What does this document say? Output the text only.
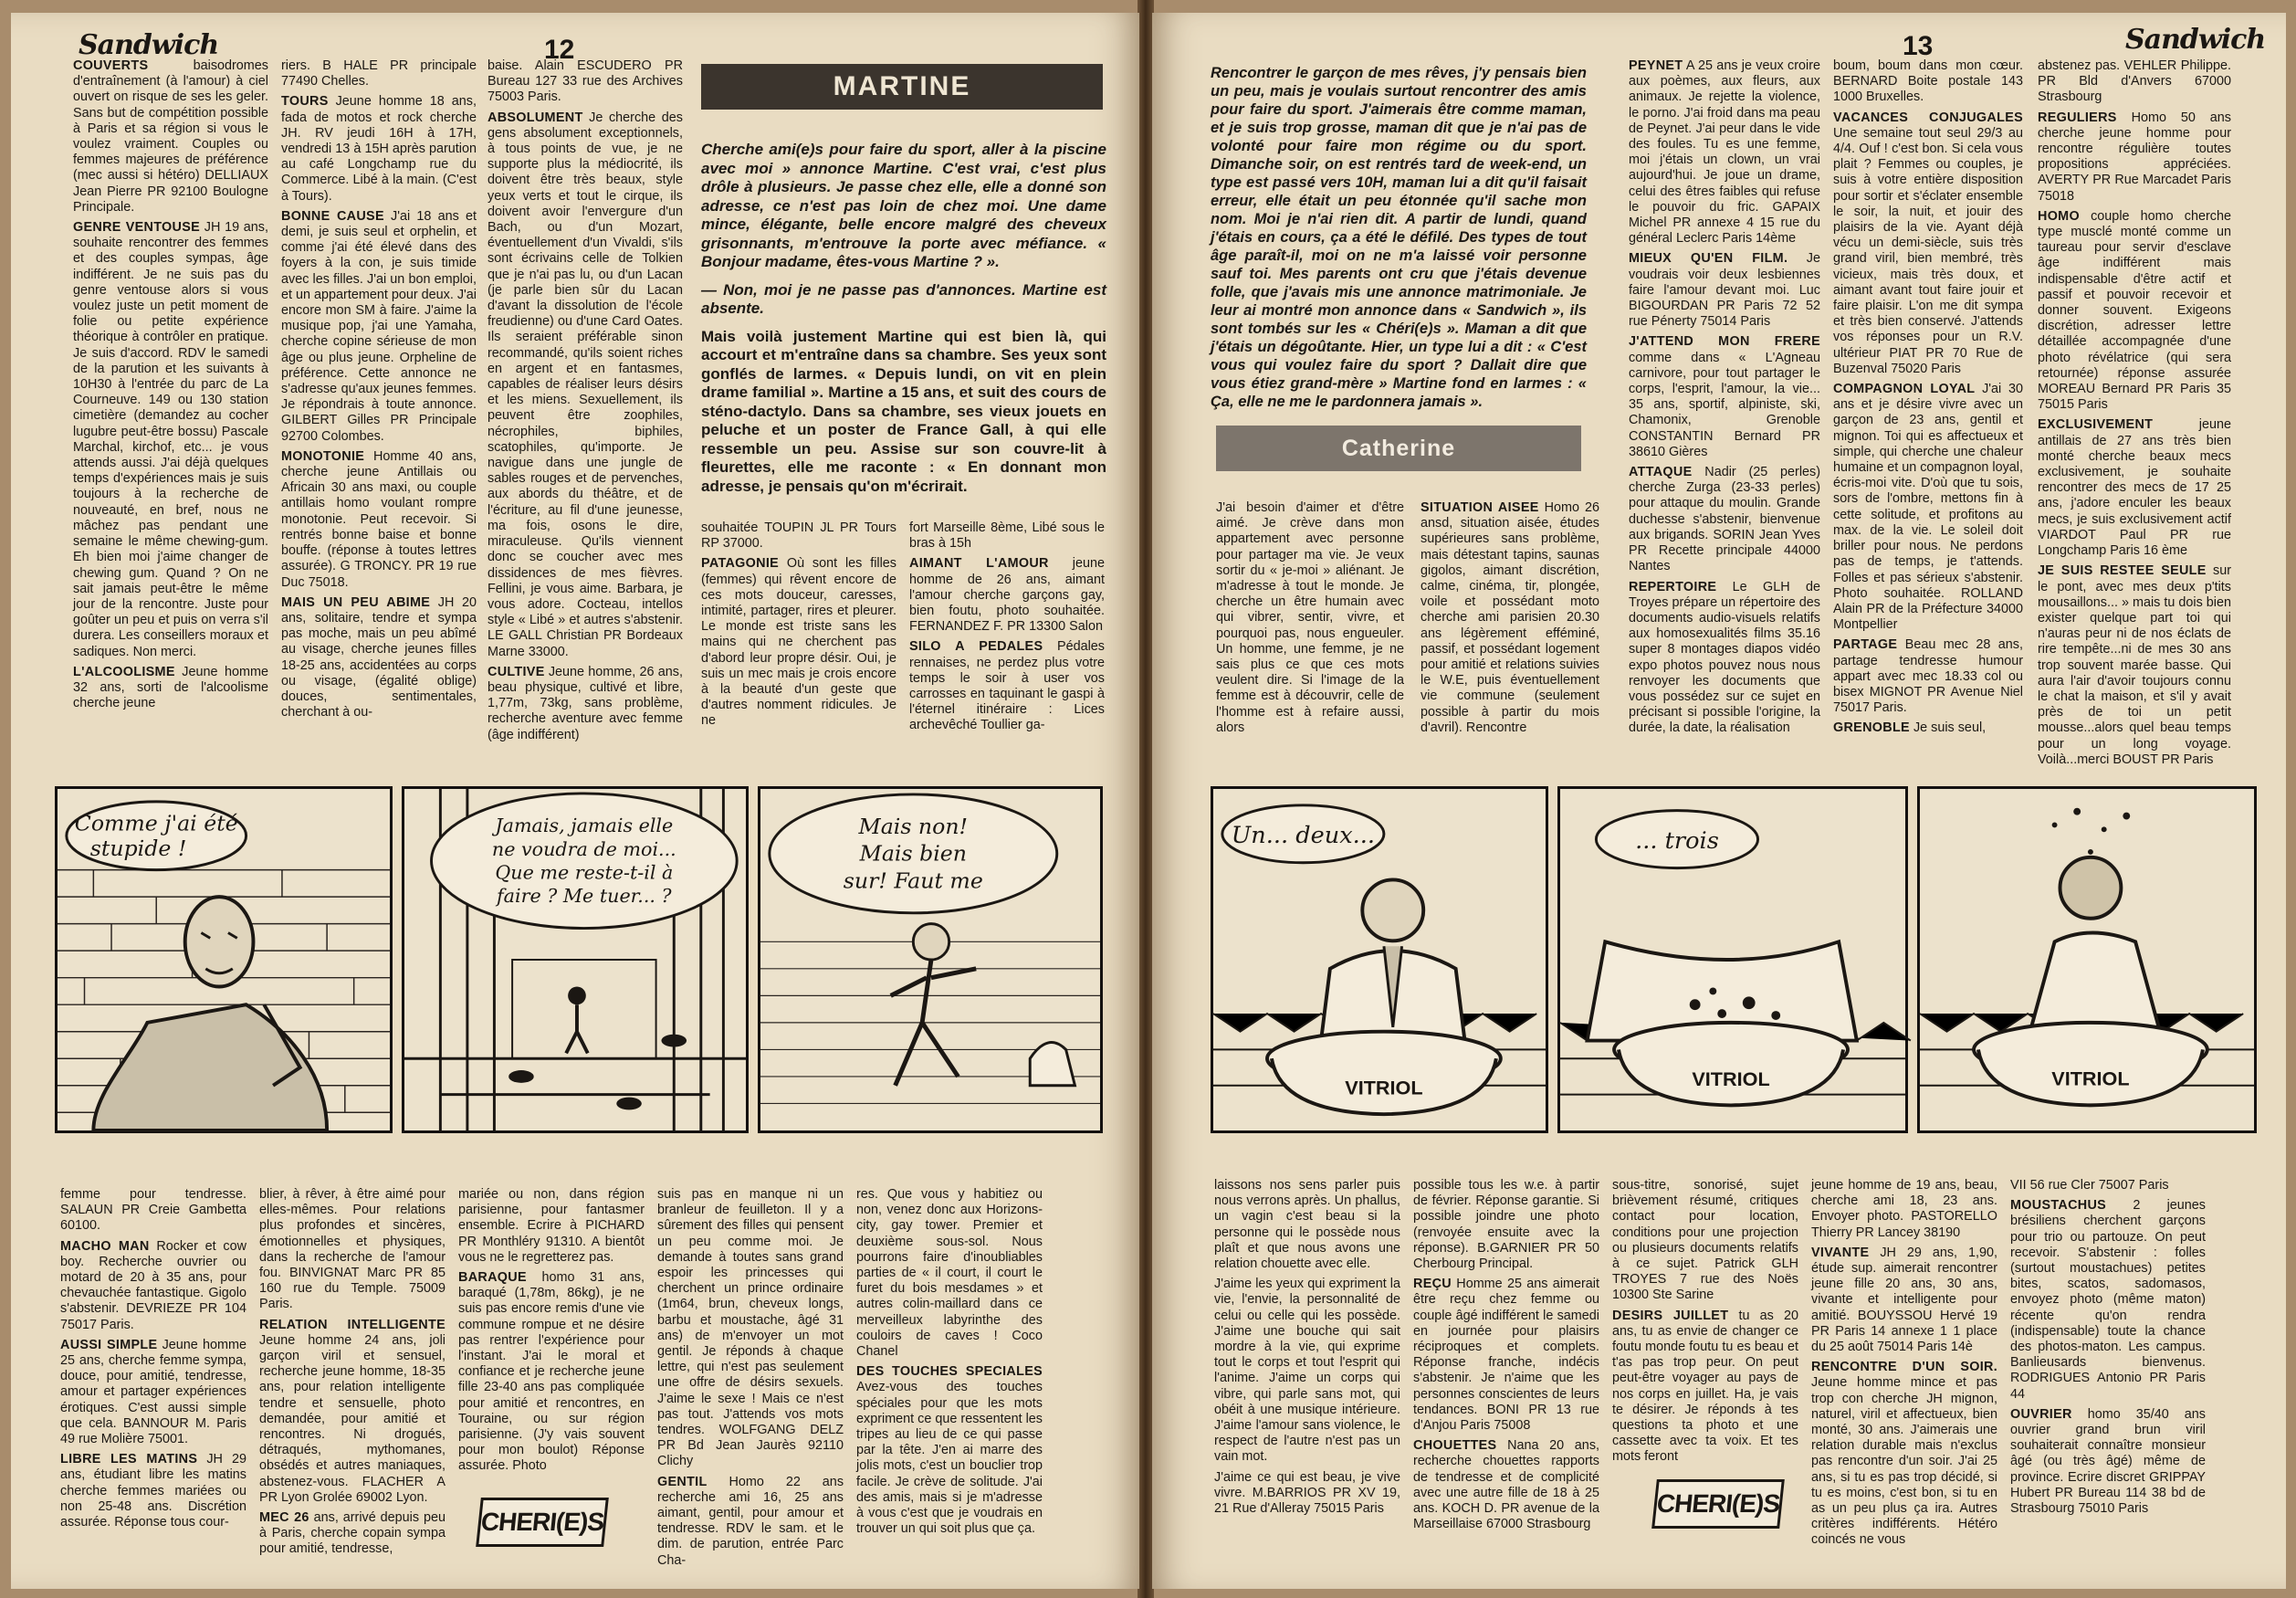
Sandwich	12

COUVERTS	baisodromes d'entraînement (à l'amour) à ciel ouvert on risque de ses les geler. Sans but de compétition possible à Paris et sa région si vous le voulez vraiment. Couples ou femmes majeures de préférence (mec aussi si hétéro) DELLIAUX Jean Pierre PR 92100 Boulogne Principale.

GENRE VENTOUSE JH 19 ans, souhaite rencontrer des femmes et des couples sympas, âge indifférent. Je ne suis pas du genre ventouse alors si vous voulez juste un petit moment de folie ou petite expérience théorique à contrôler en pratique. Je suis d'accord. RDV le samedi de la parution et les suivants à 10H30 à l'entrée du parc de La Courneuve. 149 ou 130 station cimetière (demandez au cocher lugubre peut-être bossu) Pascale Marchal, kirchof, etc... je vous attends aussi. J'ai déjà quelques temps d'expériences mais je suis toujours à la recherche de nouveauté, en bref, nous ne mâchez pas pendant une semaine le même chewing-gum. Eh bien moi j'aime changer de chewing gum. Quand ? On ne sait jamais peut-être le même jour de la rencontre. Juste pour goûter un peu et puis on verra s'il durera. Les conseillers moraux et sadiques. Non merci.

L'ALCOOLISME Jeune homme 32 ans, sorti de l'alcoolisme cherche jeune

riers. B HALE PR principale 77490 Chelles.

TOURS Jeune homme 18 ans, fada de motos et rock cherche JH. RV jeudi 16H à 17H, vendredi 13 à 15H après parution au café Longchamp rue du Commerce. Libé à la main. (C'est à Tours).

BONNE CAUSE J'ai 18 ans et demi, je suis seul et orphelin, et comme j'ai été élevé dans des foyers à la con, je suis timide avec les filles. J'ai un bon emploi, et un appartement pour deux. J'ai encore mon SM à faire. J'aime la musique pop, j'ai une Yamaha, cherche copine sérieuse de mon âge ou plus jeune. Orpheline de préférence. Cette annonce ne s'adresse qu'aux jeunes femmes. Je répondrais à toute annonce. GILBERT Gilles PR Principale 92700 Colombes.

MONOTONIE Homme 40 ans, cherche jeune Antillais ou Africain 30 ans maxi, ou couple antillais homo voulant rompre monotonie. Peut recevoir. Si rentrés bonne baise et bonne bouffe. (réponse à toutes lettres assurée). G TRONCY. PR 19 rue Duc 75018.

MAIS UN PEU ABIME JH 20 ans, solitaire, tendre et sympa pas moche, mais un peu abîmé au visage, cherche jeunes filles 18-25 ans, accidentées au corps ou visage, (égalité oblige) douces, sentimentales, cherchant à ou-

baise. Alain ESCUDERO PR Bureau 127 33 rue des Archives 75003 Paris.

ABSOLUMENT Je cherche des gens absolument exceptionnels, à tous points de vue, je ne supporte plus la médiocrité, ils doivent être très beaux, style yeux verts et tout le cirque, ils doivent avoir l'envergure d'un Bach, ou d'un Mozart, éventuellement d'un Vivaldi, s'ils sont écrivains celle de Tolkien que je n'ai pas lu, ou d'un Lacan (je parle bien sûr du Lacan d'avant la dissolution de l'école freudienne) ou d'une Card Oates. Ils seraient préférable sinon recommandé, qu'ils soient riches en argent et en fantasmes, capables de réaliser leurs désirs et les miens. Sexuellement, ils peuvent être zoophiles, nécrophiles, biphiles, scatophiles, qu'importe. Je navigue dans une jungle de sables rouges et de pervenches, aux abords du théâtre, et de l'écriture, au fil d'une jeunesse, ma fois, osons le dire, miraculeuse. Qu'ils viennent donc se coucher avec mes dissidences de mes fièvres. Fellini, je vous aime. Barbara, je vous adore. Cocteau, intellos style « Libé » et autres s'abstenir. LE GALL Christian PR Bordeaux Marne 33000.

CULTIVE Jeune homme, 26 ans, beau physique, cultivé et libre, 1,77m, 73kg, sans problème, recherche aventure avec femme (âge indifférent)

MARTINE

Cherche ami(e)s pour faire du sport, aller à la piscine avec moi » annonce Martine. C'est vrai, c'est plus drôle à plusieurs. Je passe chez elle, elle a donné son adresse, ce n'est pas loin de chez moi. Une dame mince, élégante, belle encore malgré des cheveux grisonnants, m'entrouve la porte avec méfiance. « Bonjour madame, êtes-vous Martine ? ».

— Non, moi je ne passe pas d'annonces. Martine est absente.

Mais voilà justement Martine qui est bien là, qui accourt et m'entraîne dans sa chambre. Ses yeux sont gonflés de larmes. « Depuis lundi, on vit en plein drame familial ». Martine a 15 ans, et suit des cours de sténo-dactylo. Dans sa chambre, ses vieux jouets en peluche et un poster de France Gall, à qui elle ressemble un peu. Assise sur son couvre-lit à fleurettes, elle me raconte : « En donnant mon adresse, je pensais qu'on m'écrirait.

souhaitée TOUPIN JL PR Tours RP 37000.

PATAGONIE Où sont les filles (femmes) qui rêvent encore de ces mots douceur, caresses, intimité, partager, rires et pleurer. Le monde est triste sans les mains qui ne cherchent pas d'abord leur propre désir. Oui, je suis un mec mais je crois encore à la beauté d'un geste que d'autres nomment ridicules. Je ne

fort Marseille 8ème, Libé sous le bras à 15h

AIMANT L'AMOUR jeune homme de 26 ans, aimant l'amour cherche garçons gay, bien foutu, photo souhaitée. FERNANDEZ F. PR 13300 Salon

SILO A PEDALES Pédales rennaises, ne perdez plus votre temps le soir à user vos carrosses en taquinant le gaspi à l'éternel itinéraire : Lices archevêché Toullier ga-

Comme j'ai été
stupide !
Jamais, jamais elle
ne voudra de moi...
Que me reste-t-il à
faire ? Me tuer... ?
Mais non!
Mais bien
sur! Faut me

femme pour tendresse. SALAUN PR Creie Gambetta 60100.

MACHO MAN Rocker et cow boy. Recherche ouvrier ou motard de 20 à 35 ans, pour chevauchée fantastique. Gigolo s'abstenir. DEVRIEZE PR 104 75017 Paris.

AUSSI SIMPLE Jeune homme 25 ans, cherche femme sympa, douce, pour amitié, tendresse, amour et partager expériences érotiques. C'est aussi simple que cela. BANNOUR M. Paris 49 rue Molière 75001.

LIBRE LES MATINS JH 29 ans, étudiant libre les matins cherche femmes mariées ou non 25-48 ans. Discrétion assurée. Réponse tous cour-

blier, à rêver, à être aimé pour elles-mêmes. Pour relations plus profondes et sincères, émotionnelles et physiques, dans la recherche de l'amour fou. BINVIGNAT Marc PR 85 160 rue du Temple. 75009 Paris.

RELATION INTELLIGENTE Jeune homme 24 ans, joli garçon viril et sensuel, recherche jeune homme, 18-35 ans, pour relation intelligente tendre et sensuelle, photo demandée, pour amitié et rencontres. Ni drogués, détraqués, mythomanes, obsédés et autres maniaques, abstenez-vous. FLACHER A PR Lyon Grolée 69002 Lyon.

MEC 26 ans, arrivé depuis peu à Paris, cherche copain sympa pour amitié, tendresse,

mariée ou non, dans région parisienne, pour fantasmer ensemble. Ecrire à PICHARD PR Monthléry 91310. A bientôt vous ne le regretterez pas.

BARAQUE homo 31 ans, baraqué (1,78m, 86kg), je ne suis pas encore remis d'une vie commune rompue et ne désire pas rentrer l'expérience pour l'instant. J'ai le moral et confiance et je recherche jeune fille 23-40 ans pas compliquée pour amitié et rencontres, en Touraine, ou sur région parisienne. (J'y vais souvent pour mon boulot) Réponse assurée. Photo

suis pas en manque ni un branleur de feuilleton. Il y a sûrement des filles qui pensent un peu comme moi. Je demande à toutes sans grand espoir les princesses qui cherchent un prince ordinaire (1m64, brun, cheveux longs, barbu et moustache, âgé 31 ans) de m'envoyer un mot gentil. Je réponds à chaque lettre, qui n'est pas seulement une offre de désirs sexuels. J'aime le sexe ! Mais ce n'est pas tout. J'attends vos mots tendres. WOLFGANG DELZ PR Bd Jean Jaurès 92110 Clichy

GENTIL Homo 22 ans recherche ami 16, 25 ans aimant, gentil, pour amour et tendresse. RDV le sam. et le dim. de parution, entrée Parc Cha-

res. Que vous y habitiez ou non, venez donc aux Horizons-city, gay tower. Premier et deuxième sous-sol. Nous pourrons faire d'inoubliables parties de « il court, il court le furet du bois mesdames » et autres colin-maillard dans ce merveilleux labyrinthe des couloirs de caves ! Coco Chanel

DES TOUCHES SPECIALES Avez-vous des touches spéciales pour que les mots expriment ce que ressentent les tripes au lieu de ce qui passe par la tête. J'en ai marre des jolis mots, c'est un bouclier trop facile. Je crève de solitude. J'ai des amis, mais si je m'adresse à vous c'est que je voudrais en trouver un qui soit plus que ça.

CHERI(E)S
Sandwich
13
Rencontrer le garçon de mes rêves, j'y pensais bien un peu, mais je voulais surtout rencontrer des amis pour faire du sport. J'aimerais être comme maman, et je suis trop grosse, maman dit que je n'ai pas de volonté pour faire mon régime ou du sport. Dimanche soir, on est rentrés tard de week-end, un type est passé vers 10H, maman lui a dit qu'il faisait erreur, elle était un peu étonnée qu'il sache mon nom. Moi je n'ai rien dit. A partir de lundi, quand j'étais en cours, ça a été le défilé. Des types de tout âge paraît-il, moi on ne m'a laissé voir personne sauf toi. Mes parents ont cru que j'étais devenue folle, que j'avais mis une annonce matrimoniale. Je leur ai montré mon annonce dans « Sandwich », ils sont tombés sur les « Chéri(e)s ». Maman a dit que j'étais un dégoûtante. Hier, un type lui a dit : « C'est vous qui voulez faire du sport ? Dallait dire que vous étiez grand-mère » Martine fond en larmes : « Ça, elle ne me le pardonnera jamais ».
Catherine
J'ai besoin d'aimer et d'être aimé. Je crève dans mon appartement avec personne pour partager ma vie. Je veux sortir du « je-moi » aliénant. Je m'adresse à tout le monde. Je cherche un être humain avec qui vibrer, sentir, vivre, et pourquoi pas, nous engueuler. Un homme, une femme, je ne sais plus ce que ces mots veulent dire. Si l'image de la femme est à découvrir, celle de l'homme est à refaire aussi, alors

SITUATION AISEE Homo 26 ansd, situation aisée, études supérieures sans problème, mais détestant tapins, saunas gigolos, aimant discrétion, calme, cinéma, tir, plongée, voile et possédant moto cherche ami parisien 20.30 ans légèrement efféminé, passif, et possédant logement pour amitié et relations suivies le W.E, puis éventuellement vie commune (seulement possible à partir du mois d'avril). Rencontre

PEYNET A 25 ans je veux croire aux poèmes, aux fleurs, aux animaux. Je rejette la violence, le porno. J'ai froid dans ma peau de Peynet. J'ai peur dans le vide des foules. Tu es une femme, moi j'étais un clown, un vrai aujourd'hui. Je joue un drame, celui des êtres faibles qui refuse le pouvoir du fric. GAPAIX Michel PR annexe 4 15 rue du général Leclerc Paris 14ème

MIEUX QU'EN FILM. Je voudrais voir deux lesbiennes faire l'amour devant moi. Luc BIGOURDAN PR Paris 72 52 rue Pénerty 75014 Paris

J'ATTEND MON FRERE comme dans « L'Agneau carnivore, pour tout partager le corps, l'esprit, l'amour, la vie... 35 ans, sportif, alpiniste, ski, Chamonix, Grenoble CONSTANTIN Bernard PR 38610 Gières

ATTAQUE Nadir (25 perles) cherche Zurga (23-33 perles) pour attaque du moulin. Grande duchesse s'abstenir, bienvenue aux brigands. SORIN Jean Yves PR Recette principale 44000 Nantes

REPERTOIRE Le GLH de Troyes prépare un répertoire des documents audio-visuels relatifs aux homosexualités films 35.16 super 8 montages diapos vidéo expo photos pouvez nous nous renvoyer les documents que vous possédez sur ce sujet en précisant si possible l'origine, la durée, la date, la réalisation

boum, boum dans mon cœur. BERNARD Boite postale 143 1000 Bruxelles.

VACANCES CONJUGALES Une semaine tout seul 29/3 au 4/4. Ouf ! c'est bon. Si cela vous plait ? Femmes ou couples, je suis à votre entière disposition pour sortir et s'éclater ensemble le soir, la nuit, et jouir des plaisirs de la vie. Ayant déjà vécu un demi-siècle, suis très grand viril, bien membré, très vicieux, mais très doux, et aimant avant tout faire jouir et faire plaisir. L'on me dit sympa et très bien conservé. J'attends vos réponses pour un R.V. ultérieur PIAT PR 70 Rue de Buzenval 75020 Paris

COMPAGNON LOYAL J'ai 30 ans et je désire vivre avec un garçon de 23 ans, gentil et mignon. Toi qui es affectueux et simple, qui cherche une chaleur humaine et un compagnon loyal, écris-moi vite. D'où que tu sois, sors de l'ombre, mettons fin à cette solitude, et profitons au max. de la vie. Le soleil doit briller pour nous. Ne perdons pas de temps, je t'attends. Folles et pas sérieux s'abstenir. Photo souhaitée. ROLLAND Alain PR de la Préfecture 34000 Montpellier

PARTAGE Beau mec 28 ans, partage tendresse humour appart avec mec 18.33 col ou bisex MIGNOT PR Avenue Niel 75017 Paris.

GRENOBLE Je suis seul,

abstenez pas. VEHLER Philippe. PR Bld d'Anvers 67000 Strasbourg

REGULIERS Homo 50 ans cherche jeune homme pour rencontre régulière toutes propositions appréciées. AVERTY PR Rue Marcadet Paris 75018

HOMO couple homo cherche type musclé monté comme un taureau pour servir d'esclave âge indifférent mais indispensable d'être actif et passif et pouvoir recevoir et donner souvent. Exigeons discrétion, adresser lettre détaillée accompagnée d'une photo révélatrice (qui sera retournée) réponse assurée MOREAU Bernard PR Paris 35 75015 Paris

EXCLUSIVEMENT	jeune antillais de 27 ans très bien monté cherche beaux mecs exclusivement, je souhaite rencontrer des mecs de 17 25 ans, j'adore enculer les beaux mecs, je suis exclusivement actif VIARDOT Paul PR rue Longchamp Paris 16 ème

JE SUIS RESTEE SEULE sur le pont, avec mes deux p'tits mousaillons... » mais tu dois bien exister quelque part toi qui n'auras peur ni de nos éclats de rire tempête...ni de mes 30 ans trop souvent marée basse. Qui aura l'air d'avoir toujours connu le chat la maison, et s'il y avait près de toi un petit mousse...alors quel beau temps pour un long voyage. Voilà...merci BOUST PR Paris

Un... deux...
VITRIOL
... trois
VITRIOL	VITRIOL

laissons nos sens parler puis nous verrons après. Un phallus, un vagin c'est beau si la personne qui le possède nous plaît et que nous avons une relation chouette avec elle.

J'aime les yeux qui expriment la vie, l'envie, la personnalité de celui ou celle qui les possède. J'aime une bouche qui sait mordre à la vie, qui exprime tout le corps et tout l'esprit qui l'anime. J'aime un corps qui vibre, qui parle sans mot, qui obéit à une musique intérieure. J'aime l'amour sans violence, le respect de l'autre n'est pas un vain mot.

J'aime ce qui est beau, je vive vivre. M.BARRIOS PR XV 19, 21 Rue d'Alleray 75015 Paris

possible tous les w.e. à partir de février. Réponse garantie. Si possible joindre une photo (renvoyée ensuite avec la réponse). B.GARNIER PR 50 Cherbourg Principal.

REÇU Homme 25 ans aimerait être reçu chez femme ou couple âgé indifférent le samedi en journée pour plaisirs réciproques et complets. Réponse franche, indécis s'abstenir. Je n'aime que les personnes conscientes de leurs tendances. BONI PR 13 rue d'Anjou Paris 75008

CHOUETTES Nana 20 ans, recherche chouettes rapports de tendresse et de complicité avec une autre fille de 18 à 25 ans. KOCH D. PR avenue de la Marseillaise 67000 Strasbourg

sous-titre, sonorisé, sujet brièvement résumé, critiques contact pour location, conditions pour une projection ou plusieurs documents relatifs à ce sujet. Patrick GLH TROYES 7 rue des Noës 10300 Ste Sarine

DESIRS JUILLET tu as 20 ans, tu as envie de changer ce foutu monde foutu tu es beau et t'as pas trop peur. On peut peut-être voyager au pays de nos corps en juillet. Ha, je vais te désirer. Je réponds à tes questions ta photo et une cassette avec ta voix. Et tes mots feront

jeune homme de 19 ans, beau, cherche ami 18, 23 ans. Envoyer photo. PASTORELLO Thierry PR Lancey 38190

VIVANTE JH 29 ans, 1,90, étude sup. aimerait rencontrer jeune fille 20 ans, 30 ans, vivante et intelligente pour amitié. BOUYSSOU Hervé 19 PR Paris 14 annexe 1 1 place du 25 août 75014 Paris 14è

RENCONTRE D'UN SOIR. Jeune homme mince et pas trop con cherche JH mignon, naturel, viril et affectueux, bien monté, 30 ans. J'aimerais une relation durable mais n'exclus pas rencontre d'un soir. J'ai 25 ans, si tu es pas trop décidé, si tu es moins, c'est bon, si tu en as un peu plus ça ira. Autres critères indifférents. Hétéro coincés ne vous

VII 56 rue Cler 75007 Paris

MOUSTACHUS 2 jeunes brésiliens cherchent garçons pour trio ou partouze. On peut recevoir. S'abstenir : folles (surtout moustachues) petites bites, scatos, sadomasos, envoyez photo (même maton) récente qu'on rendra (indispensable) toute la chance des photos-maton. Les campus. Banlieusards bienvenus. RODRIGUES Antonio PR Paris 44

OUVRIER homo 35/40 ans ouvrier grand brun viril souhaiterait connaître monsieur âgé (ou très âgé) même de province. Ecrire discret GRIPPAY Hubert PR Bureau 114 38 bd de Strasbourg 75010 Paris

CHERI(E)S
